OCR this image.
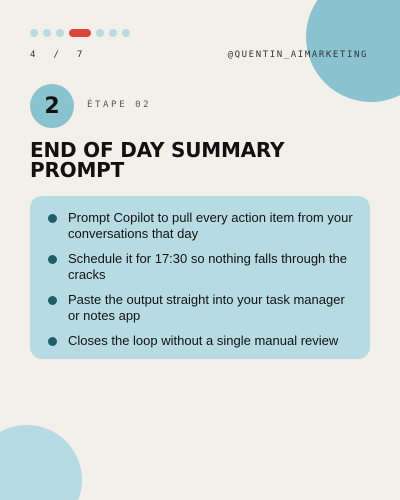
4  /  7	@QUENTIN_AIMARKETING
2	ÉTAPE 02
END OF DAY SUMMARY
PROMPT
Prompt Copilot to pull every action item from your conversations that day
Schedule it for 17:30 so nothing falls through the cracks
Paste the output straight into your task manager or notes app
Closes the loop without a single manual review
